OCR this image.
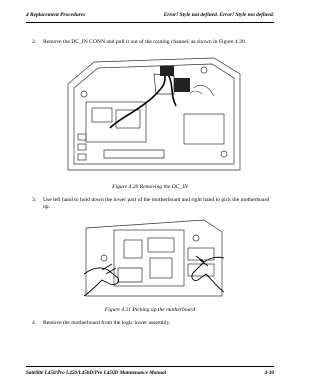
4 Replacement Procedures	Error! Style not defined. Error! Style not defined.
2. Remove the DC_IN CONN and pull it out of the routing channel, as shown in Figure 4.20.
Figure 4.20 Removing the DC_IN
3. Use left hand to hold down the lower part of the motherboard and right hand to pick the motherboard up.
Figure 4.21 Picking up the motherboard
4. Remove the motherboard from the logic lower assembly.
Satellite L450/Pro L450/L450D/Pro L450D Maintenance Manual	4-30
